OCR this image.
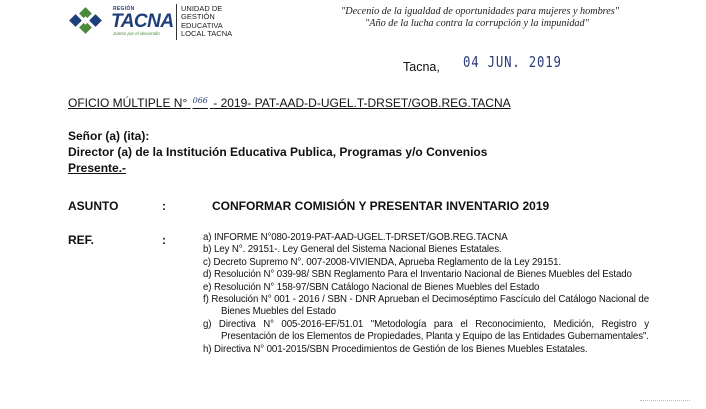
REGIÓN
TACNA
Juntos por el desarrollo
UNIDAD DE
GESTIÓN
EDUCATIVA
LOCAL TACNA
"Decenio de la igualdad de oportunidades para mujeres y hombres"
"Año de la lucha contra la corrupción y la impunidad"
Tacna, 04 JUN. 2019
OFICIO MÚLTIPLE N° $^{066}$ - 2019- PAT-AAD-D-UGEL.T-DRSET/GOB.REG.TACNA
Señor (a) (ita):
Director (a) de la Institución Educativa Publica, Programas y/o Convenios
Presente.-
ASUNTO	:	CONFORMAR COMISIÓN Y PRESENTAR INVENTARIO 2019
REF.	:	a) INFORME N°080-2019-PAT-AAD-UGEL.T-DRSET/GOB.REG.TACNA

b) Ley N°. 29151-. Ley General del Sistema Nacional Bienes Estatales.

c) Decreto Supremo N°. 007-2008-VIVIENDA, Aprueba Reglamento de la Ley 29151.

d) Resolución N° 039-98/ SBN Reglamento Para el Inventario Nacional de Bienes Muebles del Estado

e) Resolución N° 158-97/SBN Catálogo Nacional de Bienes Muebles del Estado

f) Resolución N° 001 - 2016 / SBN - DNR Aprueban el Decimoséptimo Fascículo del Catálogo Nacional de Bienes Muebles del Estado

g) Directiva N° 005-2016-EF/51.01 "Metodología para el Reconocimiento, Medición, Registro y Presentación de los Elementos de Propiedades, Planta y Equipo de las Entidades Gubernamentales".

h) Directiva N° 001-2015/SBN Procedimientos de Gestión de los Bienes Muebles Estatales.
